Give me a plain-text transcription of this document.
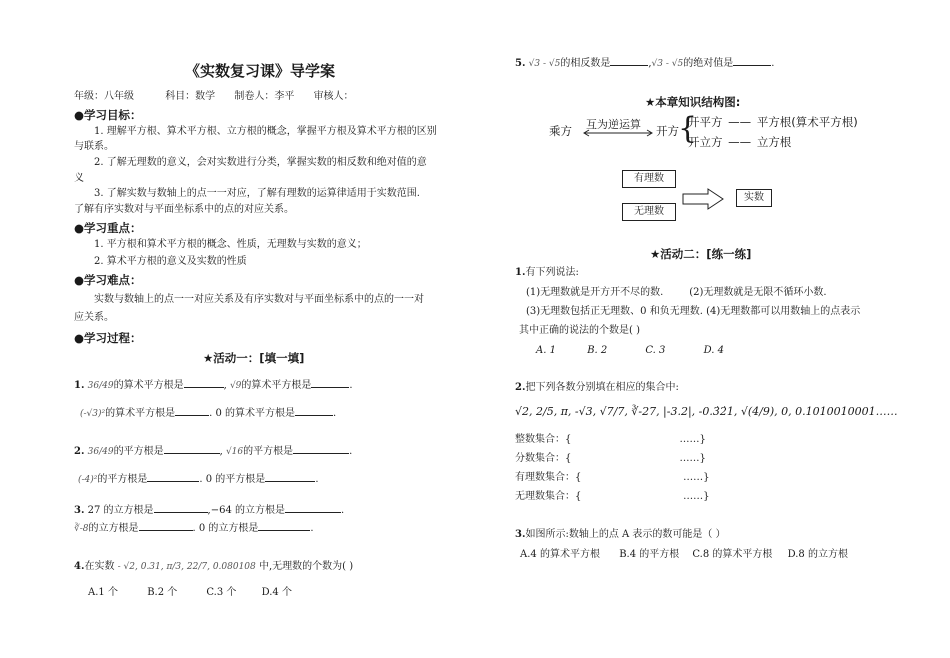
《实数复习课》导学案
年级：八年级	科目：数学 制卷人：李平 审核人：
●学习目标：
1. 理解平方根、算术平方根、立方根的概念，掌握平方根及算术平方根的区别
与联系。
2. 了解无理数的意义，会对实数进行分类，掌握实数的相反数和绝对值的意
义
3. 了解实数与数轴上的点一一对应，了解有理数的运算律适用于实数范围.
了解有序实数对与平面坐标系中的点的对应关系。
●学习重点：
1. 平方根和算术平方根的概念、性质，无理数与实数的意义；
2. 算术平方根的意义及实数的性质
●学习难点：
实数与数轴上的点一一对应关系及有序实数对与平面坐标系中的点的一一对
应关系。
●学习过程：
★活动一：[填一填]
1. 36/49的算术平方根是	, √9的算术平方根是	.
(-√3)²的算术平方根是	. 0 的算术平方根是	.
2. 36/49的平方根是	, √16的平方根是	.
(-4)²的平方根是	. 0 的平方根是	.
3. 27 的立方根是	,−64 的立方根是	.
∛-8的立方根是	. 0 的立方根是	.
4.在实数 - √2, 0.31, π/3, 22/7, 0.080108 中,无理数的个数为( )
A.1 个	B.2 个	C.3 个	D.4 个
5. √3 - √5的相反数是	,√3 - √5的绝对值是	.
★本章知识结构图:
乘方 互为逆运算 开方 {
开平方 —— 平方根(算术平方根)
开立方 —— 立方根
有理数
无理数
实数
★活动二：[练一练]
1.有下列说法:
(1)无理数就是开方开不尽的数.	(2)无理数就是无限不循环小数.
(3)无理数包括正无理数、0 和负无理数. (4)无理数都可以用数轴上的点表示
其中正确的说法的个数是( )
A. 1	B. 2	C. 3	D. 4
2.把下列各数分别填在相应的集合中:
√2, 2/5, π, -√3, √7/7, ∛-27, |-3.2|, -0.3̇2̇1, √(4/9), 0, 0.1010010001……
整数集合：{                                  ……}
分数集合：{                                  ……}
有理数集合：{                                ……}
无理数集合：{                                ……}
3.如图所示:数轴上的点 A 表示的数可能是（ ）
A.4 的算术平方根 B.4 的平方根 C.8 的算术平方根 D.8 的立方根
